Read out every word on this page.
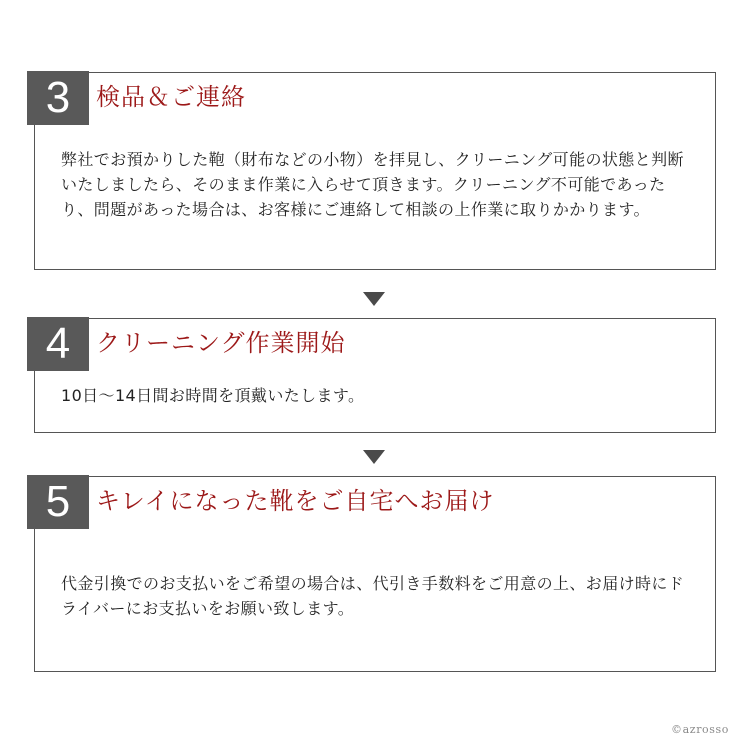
3	検品＆ご連絡
弊社でお預かりした鞄（財布などの小物）を拝見し、クリーニング可能の状態と判断いたしましたら、そのまま作業に入らせて頂きます。クリーニング不可能であったり、問題があった場合は、お客様にご連絡して相談の上作業に取りかかります。
4	クリーニング作業開始
10日〜14日間お時間を頂戴いたします。
5	キレイになった靴をご自宅へお届け
代金引換でのお支払いをご希望の場合は、代引き手数料をご用意の上、お届け時にドライバーにお支払いをお願い致します。
©azrosso
